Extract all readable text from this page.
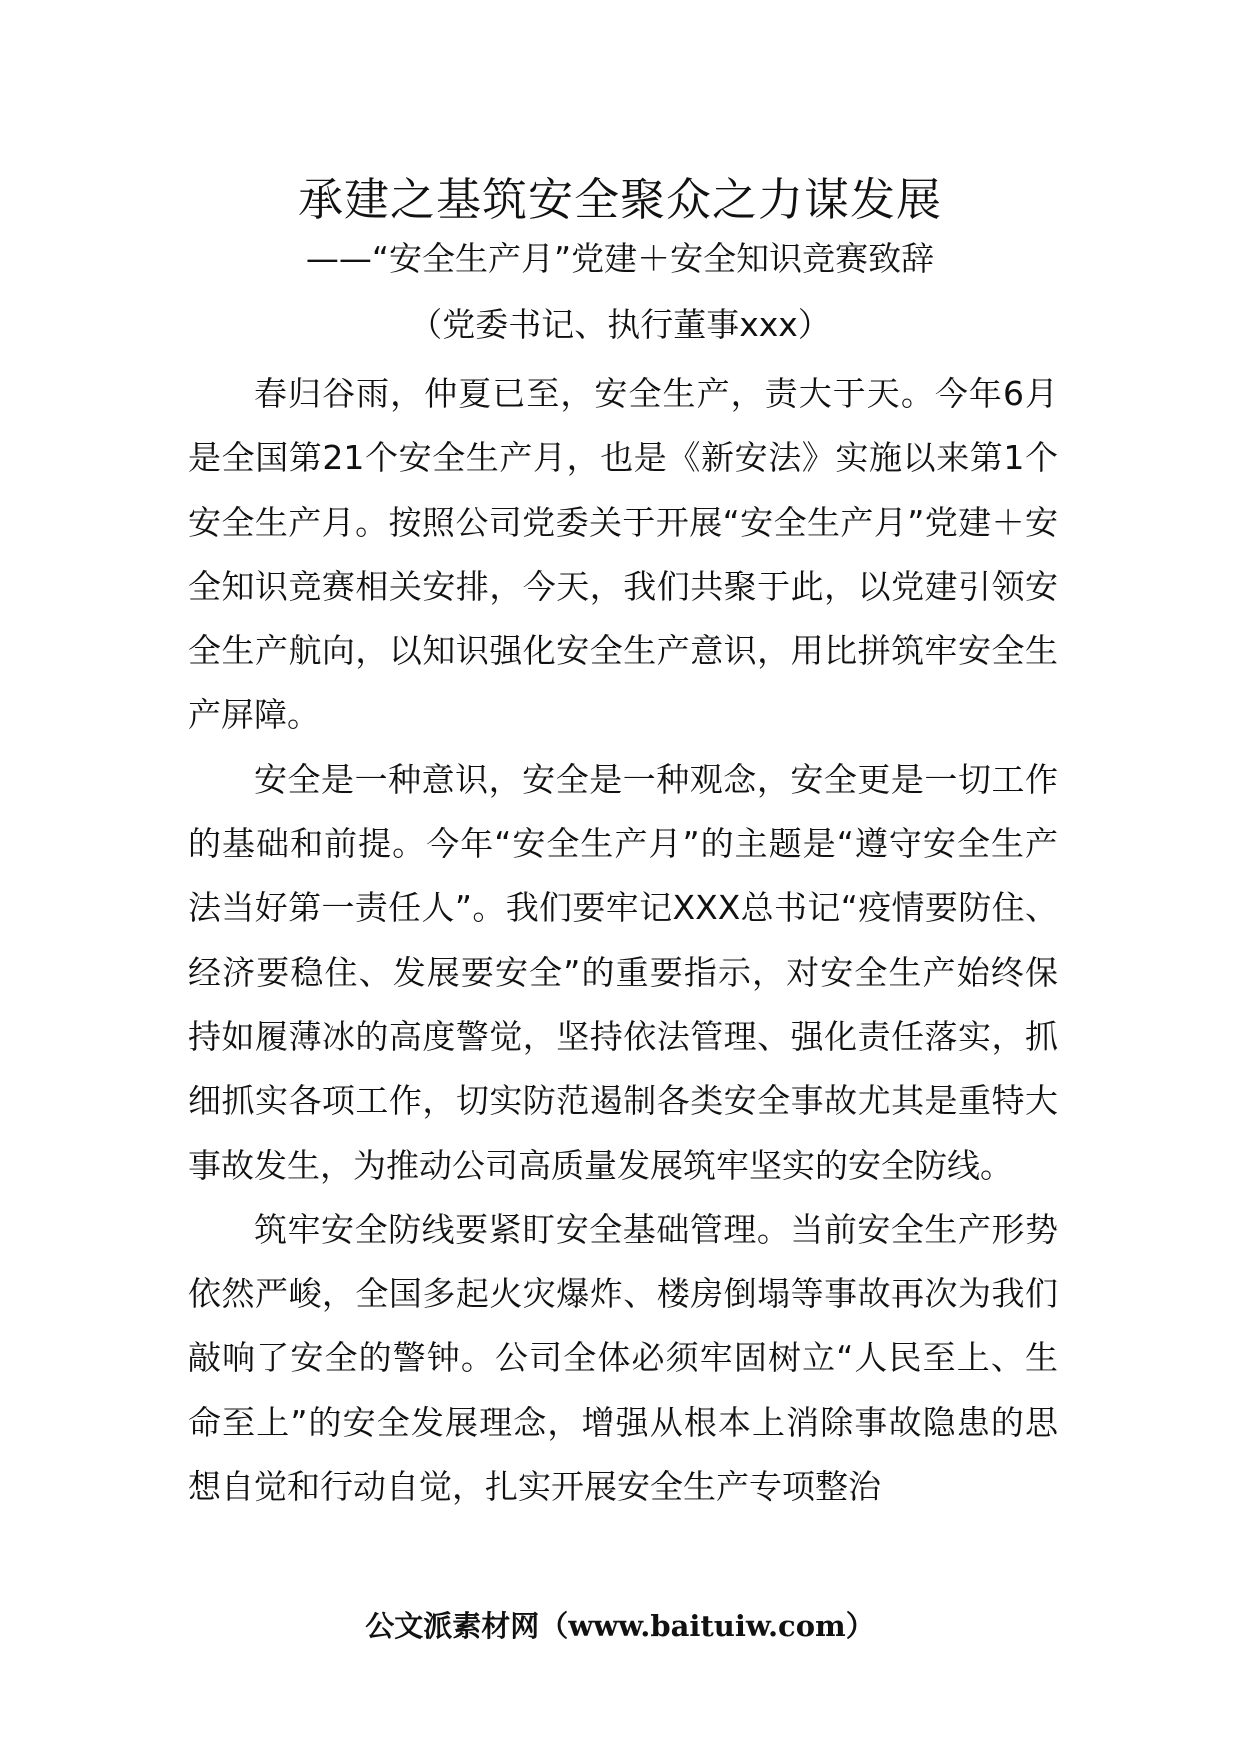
承建之基筑安全聚众之力谋发展
——“安全生产月”党建＋安全知识竞赛致辞
（党委书记、执行董事xxx）

春归谷雨，仲夏已至，安全生产，责大于天。今年6月是全国第21个安全生产月，也是《新安法》实施以来第1个安全生产月。按照公司党委关于开展“安全生产月”党建＋安全知识竞赛相关安排，今天，我们共聚于此，以党建引领安全生产航向，以知识强化安全生产意识，用比拼筑牢安全生产屏障。

安全是一种意识，安全是一种观念，安全更是一切工作的基础和前提。今年“安全生产月”的主题是“遵守安全生产法当好第一责任人”。我们要牢记XXX总书记“疫情要防住、经济要稳住、发展要安全”的重要指示，对安全生产始终保持如履薄冰的高度警觉，坚持依法管理、强化责任落实，抓细抓实各项工作，切实防范遏制各类安全事故尤其是重特大事故发生，为推动公司高质量发展筑牢坚实的安全防线。

筑牢安全防线要紧盯安全基础管理。当前安全生产形势依然严峻，全国多起火灾爆炸、楼房倒塌等事故再次为我们敲响了安全的警钟。公司全体必须牢固树立“人民至上、生命至上”的安全发展理念，增强从根本上消除事故隐患的思想自觉和行动自觉，扎实开展安全生产专项整治

公文派素材网（www.baituiw.com）
